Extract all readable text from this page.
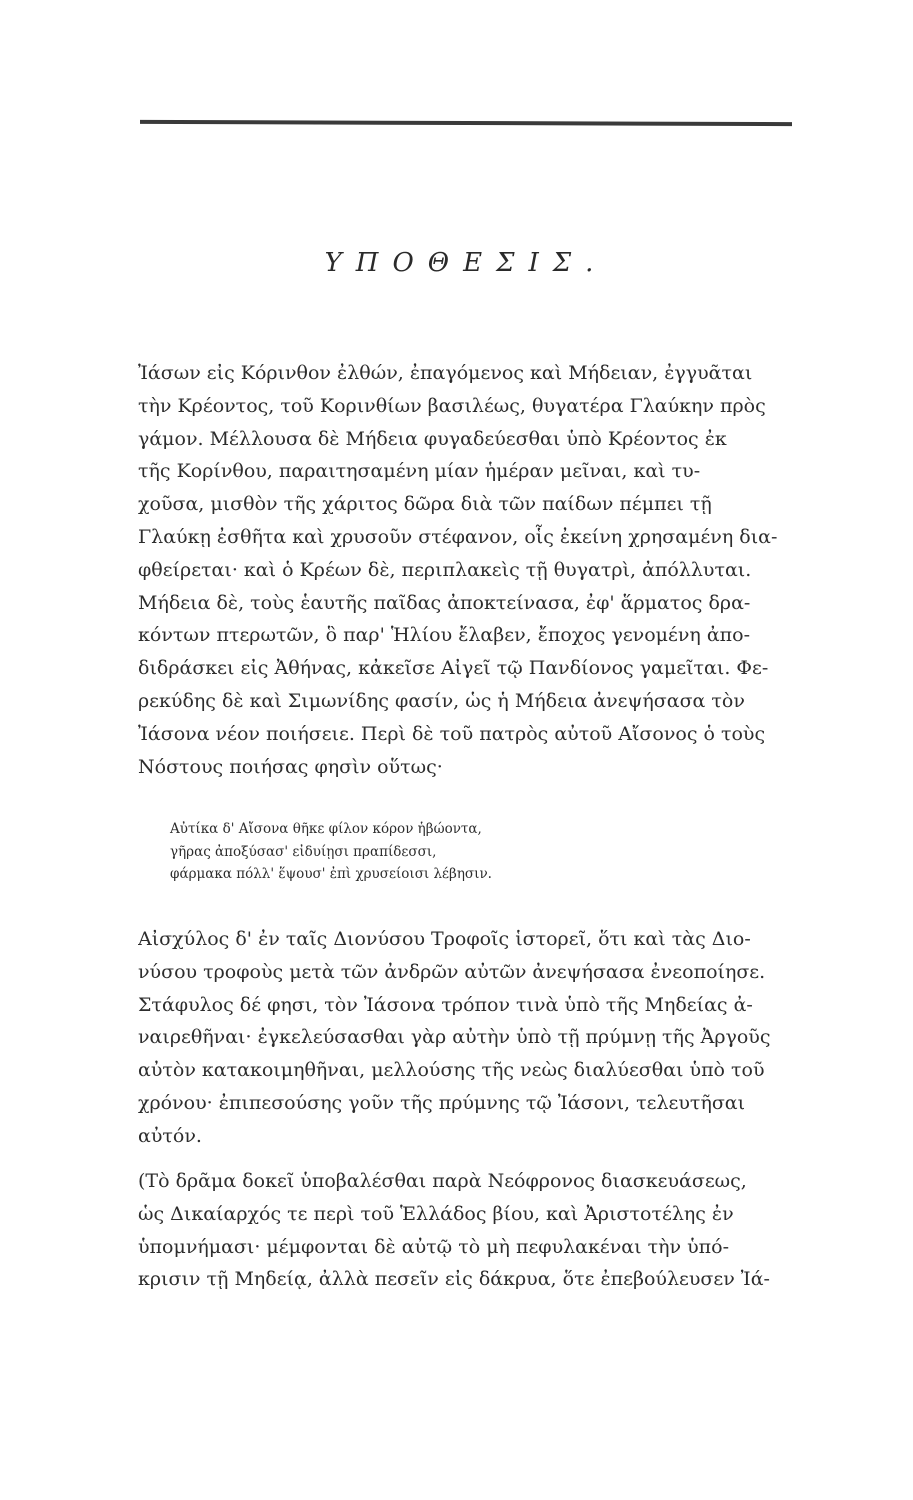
ΥΠΟΘΕΣΙΣ.
Ἰάσων εἰς Κόρινθον ἐλθών, ἐπαγόμενος καὶ Μήδειαν, ἐγγυᾶται
τὴν Κρέοντος, τοῦ Κορινθίων βασιλέως, θυγατέρα Γλαύκην πρὸς
γάμον. Μέλλουσα δὲ Μήδεια φυγαδεύεσθαι ὑπὸ Κρέοντος ἐκ
τῆς Κορίνθου, παραιτησαμένη μίαν ἡμέραν μεῖναι, καὶ τυ-
χοῦσα, μισθὸν τῆς χάριτος δῶρα διὰ τῶν παίδων πέμπει τῇ
Γλαύκῃ ἐσθῆτα καὶ χρυσοῦν στέφανον, οἷς ἐκείνη χρησαμένη δια-
φθείρεται· καὶ ὁ Κρέων δὲ, περιπλακεὶς τῇ θυγατρὶ, ἀπόλλυται.
Μήδεια δὲ, τοὺς ἑαυτῆς παῖδας ἀποκτείνασα, ἐφ' ἅρματος δρα-
κόντων πτερωτῶν, ὃ παρ' Ἡλίου ἔλαβεν, ἔποχος γενομένη ἀπο-
διδράσκει εἰς Ἀθήνας, κἀκεῖσε Αἰγεῖ τῷ Πανδίονος γαμεῖται. Φε-
ρεκύδης δὲ καὶ Σιμωνίδης φασίν, ὡς ἡ Μήδεια ἀνεψήσασα τὸν
Ἰάσονα νέον ποιήσειε. Περὶ δὲ τοῦ πατρὸς αὐτοῦ Αἴσονος ὁ τοὺς
Νόστους ποιήσας φησὶν οὕτως·
Αὐτίκα δ' Αἴσονα θῆκε φίλον κόρον ἡβώοντα,
γῆρας ἀποξύσασ' εἰδυίῃσι πραπίδεσσι,
φάρμακα πόλλ' ἕψουσ' ἐπὶ χρυσείοισι λέβησιν.
Αἰσχύλος δ' ἐν ταῖς Διονύσου Τροφοῖς ἱστορεῖ, ὅτι καὶ τὰς Διο-
νύσου τροφοὺς μετὰ τῶν ἀνδρῶν αὐτῶν ἀνεψήσασα ἐνεοποίησε.
Στάφυλος δέ φησι, τὸν Ἰάσονα τρόπον τινὰ ὑπὸ τῆς Μηδείας ἀ-
ναιρεθῆναι· ἐγκελεύσασθαι γὰρ αὐτὴν ὑπὸ τῇ πρύμνῃ τῆς Ἀργοῦς
αὐτὸν κατακοιμηθῆναι, μελλούσης τῆς νεὼς διαλύεσθαι ὑπὸ τοῦ
χρόνου· ἐπιπεσούσης γοῦν τῆς πρύμνης τῷ Ἰάσονι, τελευτῆσαι
αὐτόν.
(Τὸ δρᾶμα δοκεῖ ὑποβαλέσθαι παρὰ Νεόφρονος διασκευάσεως,
ὡς Δικαίαρχός τε περὶ τοῦ Ἑλλάδος βίου, καὶ Ἀριστοτέλης ἐν
ὑπομνήμασι· μέμφονται δὲ αὐτῷ τὸ μὴ πεφυλακέναι τὴν ὑπό-
κρισιν τῇ Μηδείᾳ, ἀλλὰ πεσεῖν εἰς δάκρυα, ὅτε ἐπεβούλευσεν Ἰά-
